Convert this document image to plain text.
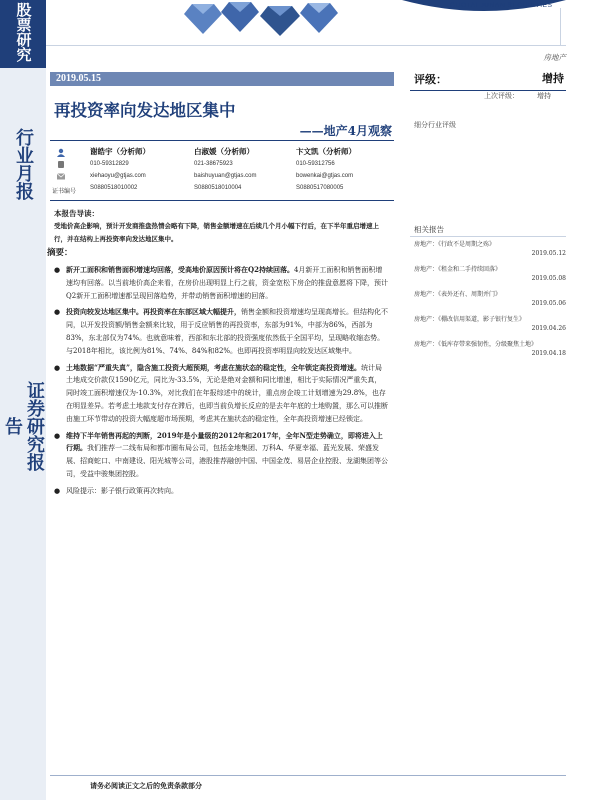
股票研究
行业月报
证券研究报告
GUOTAI JUNAN SECURITIES
房地产
2019.05.15
再投资率向发达地区集中
——地产4月观察
谢皓宇（分析师）
010-59312829
xiehaoyu@gtjas.com
S0880518010002
白淑媛（分析师）
021-38675923
baishuyuan@gtjas.com
S0880518010004
卞文凯（分析师）
010-59312756
bowenkai@gtjas.com
S0880517080005
证书编号
评级：	增持
上次评级：	增持
细分行业评级
相关报告
房地产：《行政不是周期之殇》
2019.05.12
房地产：《租金和二手持续回落》
2019.05.08
房地产：《表外还有、周期并门》
2019.05.06
房地产：《棚改信用渠道，影子银行复生》
2019.04.26
房地产：《低库存带来强韧性，分级聚焦土地》
2019.04.18
本报告导读：
受地价高企影响，预计开发商推盘热情会略有下降，销售金额增速在后续几个月小幅下行后，在下半年重启增速上行，并在结构上再投资率向发达地区集中。
摘要：
● 新开工面积和销售面积增速均回落，受高地价原因预计将在Q2持续回落。4月新开工面积和销售面积增速均有回落。以当前地价高企来看，在房价出现明显上行之前，资金宽松下房企的推盘意愿将下降，预计Q2新开工面积增速都呈现回落趋势，并带动销售面积增速的回落。
● 投资向较发达地区集中。再投资率在东部区域大幅提升，销售金额和投资增速均呈现高增长。但结构化不同，以开发投资额/销售金额来比较，用于反应销售的再投资率，东部为91%，中部为86%，西部为83%，东北部仅为74%。也就意味着，西部和东北部的投资强度依然低于全国平均，呈现略收缩态势。与2018年相比，该比例为81%、74%、84%和82%。也即再投资率明显向较发达区域集中。
● 土地数据“严重失真”，隐含施工投资大超预期，考虑在施状态的稳定性，全年锁定高投资增速。统计局土地成交价款仅1590亿元，同比为-33.5%，无论是绝对金额和同比增速，相比于实际情况严重失真，同时竣工面积增速仅为-10.3%，对比我们在年报综述中的统计，重点房企竣工计划增速为29.8%，也存在明显差异。若考虑土地款支付存在滞后，也即当前负增长反应的是去年年底的土地购置，那么可以推断由施工环节带动的投资大幅度超市场预期，考虑其在施状态的稳定性，全年高投资增速已经锁定。
● 维持下半年销售再起的判断，2019年是小量级的2012年和2017年，全年N型走势确立，即将进入上行期。我们推荐一二线布局和都市圈布局公司，包括金地集团、万科A、华夏幸福、蓝光发展、荣盛发展、招商蛇口、中南建设、阳光城等公司，港股推荐融创中国、中国金茂、易居企业控股、龙湖集团等公司，受益中骏集团控股。
● 风险提示：影子银行政策再次转向。
请务必阅读正文之后的免责条款部分
